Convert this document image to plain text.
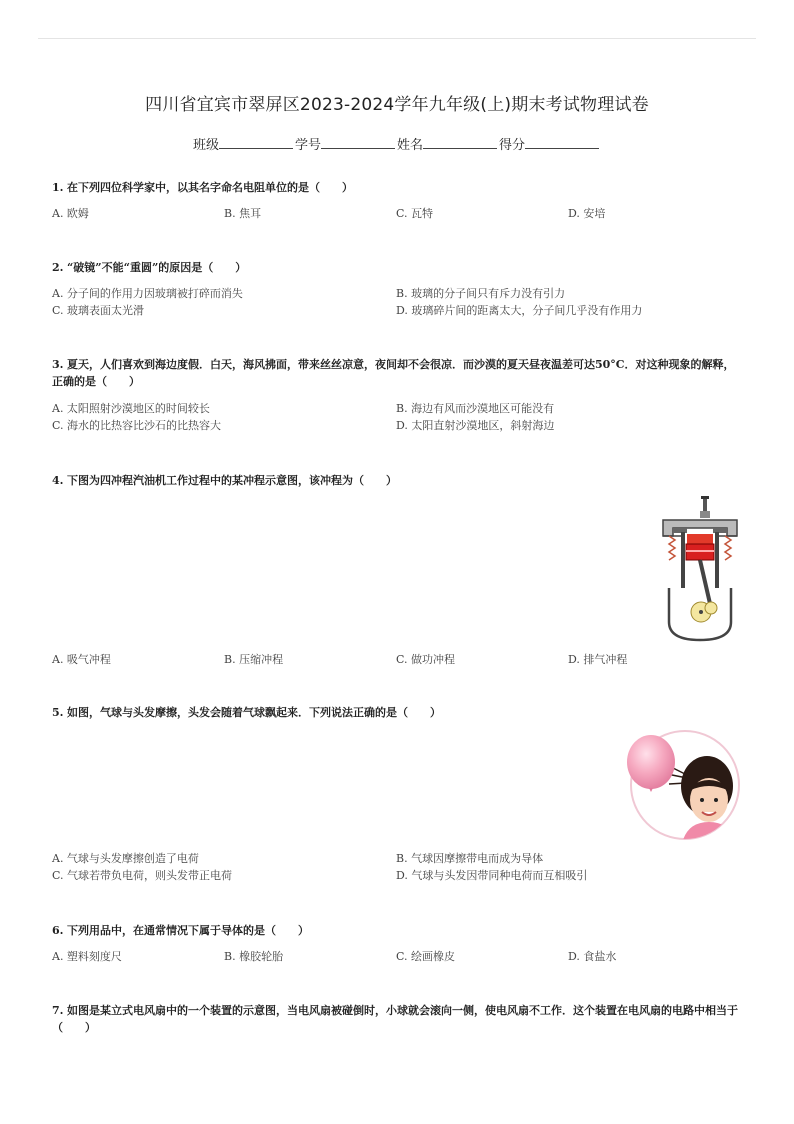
四川省宜宾市翠屏区2023-2024学年九年级(上)期末考试物理试卷
班级	学号	姓名	得分
1. 在下列四位科学家中，以其名字命名电阻单位的是（　　）
A. 欧姆	B. 焦耳	C. 瓦特	D. 安培
2. “破镜”不能“重圆”的原因是（　　）
A. 分子间的作用力因玻璃被打碎而消失	B. 玻璃的分子间只有斥力没有引力
C. 玻璃表面太光滑	D. 玻璃碎片间的距离太大，分子间几乎没有作用力
3. 夏天，人们喜欢到海边度假．白天，海风拂面，带来丝丝凉意，夜间却不会很凉．而沙漠的夏天昼夜温差可达50°C．对这种现象的解释，正确的是（　　）
A. 太阳照射沙漠地区的时间较长	B. 海边有风而沙漠地区可能没有
C. 海水的比热容比沙石的比热容大	D. 太阳直射沙漠地区，斜射海边
4. 下图为四冲程汽油机工作过程中的某冲程示意图，该冲程为（　　）
A. 吸气冲程	B. 压缩冲程	C. 做功冲程	D. 排气冲程
5. 如图，气球与头发摩擦，头发会随着气球飘起来．下列说法正确的是（　　）
A. 气球与头发摩擦创造了电荷	B. 气球因摩擦带电而成为导体
C. 气球若带负电荷，则头发带正电荷	D. 气球与头发因带同种电荷而互相吸引
6. 下列用品中，在通常情况下属于导体的是（　　）
A. 塑料刻度尺	B. 橡胶轮胎	C. 绘画橡皮	D. 食盐水
7. 如图是某立式电风扇中的一个装置的示意图，当电风扇被碰倒时，小球就会滚向一侧，使电风扇不工作．这个装置在电风扇的电路中相当于（　　）
